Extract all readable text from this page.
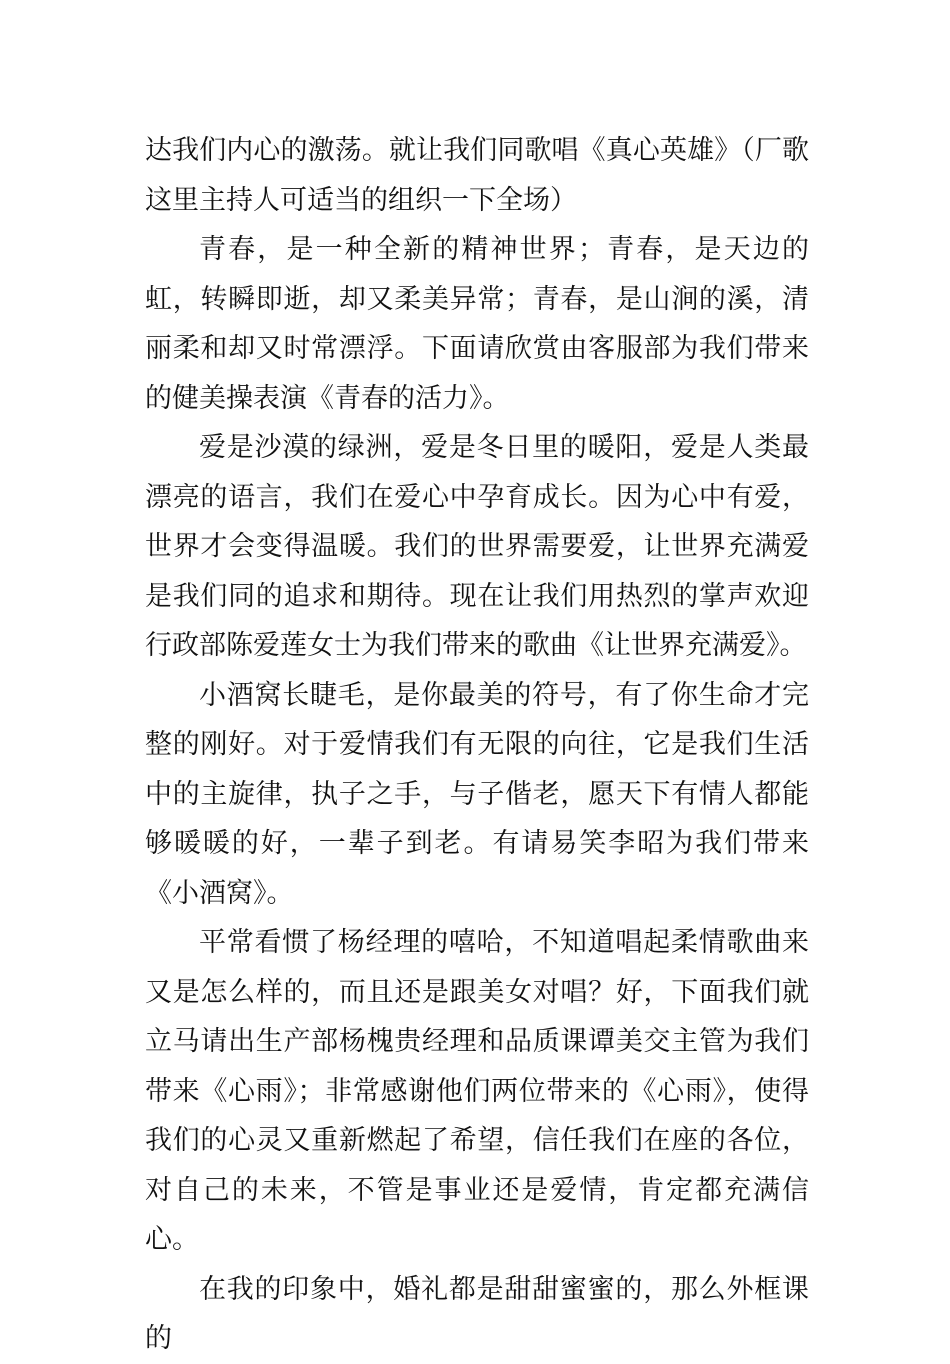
达我们内心的激荡。就让我们同歌唱《真心英雄》（厂歌这里主持人可适当的组织一下全场）

青春，是一种全新的精神世界；青春，是天边的虹，转瞬即逝，却又柔美异常；青春，是山涧的溪，清丽柔和却又时常漂浮。下面请欣赏由客服部为我们带来的健美操表演《青春的活力》。

爱是沙漠的绿洲，爱是冬日里的暖阳，爱是人类最漂亮的语言，我们在爱心中孕育成长。因为心中有爱，世界才会变得温暖。我们的世界需要爱，让世界充满爱是我们同的追求和期待。现在让我们用热烈的掌声欢迎行政部陈爱莲女士为我们带来的歌曲《让世界充满爱》。

小酒窝长睫毛，是你最美的符号，有了你生命才完整的刚好。对于爱情我们有无限的向往，它是我们生活中的主旋律，执子之手，与子偕老，愿天下有情人都能够暖暖的好，一辈子到老。有请易笑李昭为我们带来《小酒窝》。

平常看惯了杨经理的嘻哈，不知道唱起柔情歌曲来又是怎么样的，而且还是跟美女对唱？好，下面我们就立马请出生产部杨槐贵经理和品质课谭美交主管为我们带来《心雨》；非常感谢他们两位带来的《心雨》，使得我们的心灵又重新燃起了希望，信任我们在座的各位，对自己的未来，不管是事业还是爱情，肯定都充满信心。

在我的印象中，婚礼都是甜甜蜜蜜的，那么外框课的
